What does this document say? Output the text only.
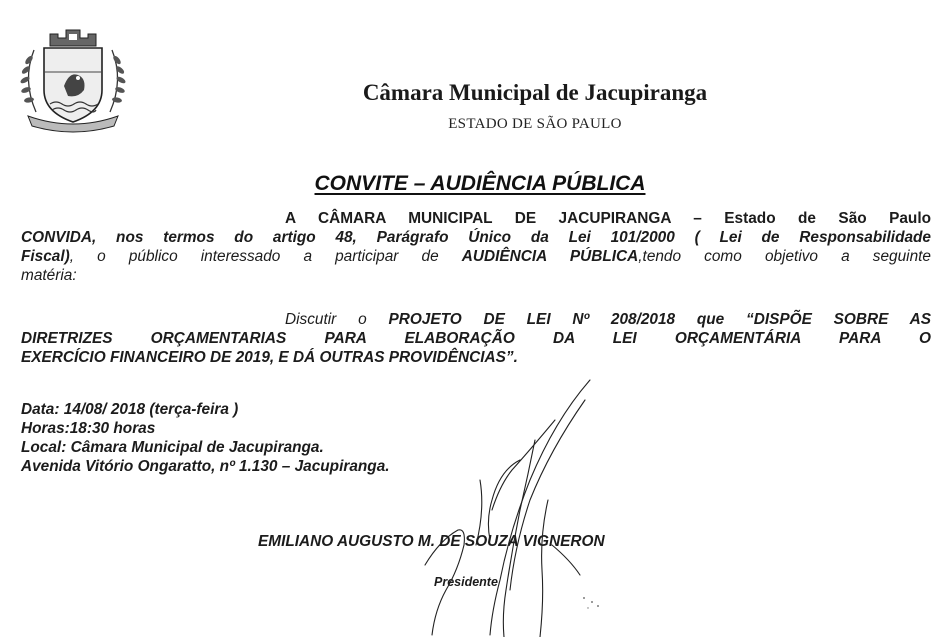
Câmara Municipal de Jacupiranga
ESTADO DE SÃO PAULO
CONVITE – AUDIÊNCIA PÚBLICA
A CÂMARA MUNICIPAL DE JACUPIRANGA – Estado de São Paulo
CONVIDA, nos termos do artigo 48, Parágrafo Único da Lei 101/2000 ( Lei de Responsabilidade
Fiscal), o público interessado a participar de AUDIÊNCIA PÚBLICA,tendo como objetivo a seguinte
matéria:
Discutir o PROJETO DE LEI Nº 208/2018 que “DISPÕE SOBRE AS
DIRETRIZES ORÇAMENTARIAS PARA ELABORAÇÃO DA LEI ORÇAMENTÁRIA PARA O
EXERCÍCIO FINANCEIRO DE 2019, E DÁ OUTRAS PROVIDÊNCIAS”.
Data: 14/08/ 2018 (terça-feira )
Horas:18:30 horas
Local: Câmara Municipal de Jacupiranga.
Avenida Vitório Ongaratto, nº 1.130 – Jacupiranga.
EMILIANO AUGUSTO M. DE SOUZA VIGNERON
Presidente
